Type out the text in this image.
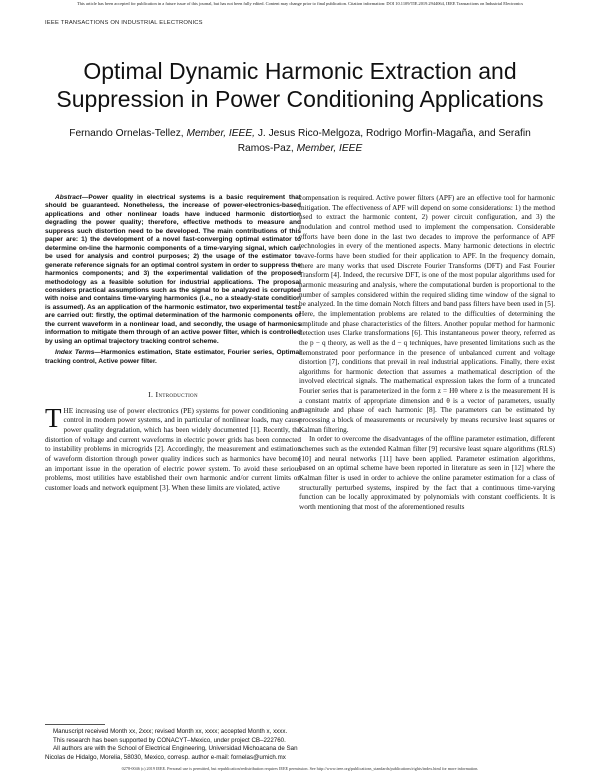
This article has been accepted for publication in a future issue of this journal, but has not been fully edited. Content may change prior to final publication. Citation information: DOI 10.1109/TIE.2019.2944064, IEEE Transactions on Industrial Electronics
IEEE TRANSACTIONS ON INDUSTRIAL ELECTRONICS
Optimal Dynamic Harmonic Extraction and Suppression in Power Conditioning Applications
Fernando Ornelas-Tellez, Member, IEEE, J. Jesus Rico-Melgoza, Rodrigo Morfin-Magaña, and Serafin
Ramos-Paz, Member, IEEE

Abstract—Power quality in electrical systems is a basic requirement that should be guaranteed. Nonetheless, the increase of power-electronics-based applications and other nonlinear loads have induced harmonic distortion degrading the power quality; therefore, effective methods to measure and suppress such distortion need to be developed. The main contributions of this paper are: 1) the development of a novel fast-converging optimal estimator to determine on-line the harmonic components of a time-varying signal, which can be used for analysis and control purposes; 2) the usage of the estimator to generate reference signals for an optimal control system in order to suppress the harmonics components; and 3) the experimental validation of the proposed methodology as a feasible solution for industrial applications. The proposal considers practical assumptions such as the signal to be analyzed is corrupted with noise and contains time-varying harmonics (i.e., no a steady-state condition is assumed). As an application of the harmonic estimator, two experimental tests are carried out: firstly, the optimal determination of the harmonic components of the current waveform in a nonlinear load, and secondly, the usage of harmonics information to mitigate them through of an active power filter, which is controlled by using an optimal trajectory tracking control scheme.

Index Terms—Harmonics estimation, State estimator, Fourier series, Optimal tracking control, Active power filter.

I. Introduction

THE increasing use of power electronics (PE) systems for power conditioning and control in modern power systems, and in particular of nonlinear loads, may cause power quality degradation, which has been widely documented [1]. Recently, the distortion of voltage and current waveforms in electric power grids has been connected to instability problems in microgrids [2]. Accordingly, the measurement and estimation of waveform distortion through power quality indices such as harmonics have become an important issue in the operation of electric power system. To avoid these serious problems, most utilities have established their own harmonic and/or current limits on customer loads and network equipment [3]. When these limits are violated, active

Manuscript received Month xx, 2xxx; revised Month xx, xxxx; accepted Month x, xxxx.

This research has been supported by CONACYT–Mexico, under project CB–222760.

All authors are with the School of Electrical Engineering, Universidad Michoacana de San Nicolas de Hidalgo, Morelia, 58030, Mexico, corresp. author e-mail: fornelas@umich.mx

compensation is required. Active power filters (APF) are an effective tool for harmonic mitigation. The effectiveness of APF will depend on some considerations: 1) the method used to extract the harmonic content, 2) power circuit configuration, and 3) the modulation and control method used to implement the compensation. Considerable efforts have been done in the last two decades to improve the performance of APF technologies in every of the mentioned aspects. Many harmonic detections in electric wave-forms have been studied for their application to APF. In the frequency domain, there are many works that used Discrete Fourier Transforms (DFT) and Fast Fourier Transform [4]. Indeed, the recursive DFT, is one of the most popular algorithms used for harmonic measuring and analysis, where the computational burden is proportional to the number of samples considered within the required sliding time window of the signal to be analyzed. In the time domain Notch filters and band pass filters have been used in [5]. Here, the implementation problems are related to the difficulties of determining the amplitude and phase characteristics of the filters. Another popular method for harmonic detection uses Clarke transformations [6]. This instantaneous power theory, referred as the p − q theory, as well as the d − q techniques, have presented limitations such as the demonstrated poor performance in the presence of unbalanced current and voltage distortion [7], conditions that prevail in real industrial applications. Finally, there exist algorithms for harmonic detection that assumes a mathematical description of the involved electrical signals. The mathematical expression takes the form of a truncated Fourier series that is parameterized in the form z = Hθ where z is the measurement H is a constant matrix of appropriate dimension and θ is a vector of parameters, usually magnitude and phase of each harmonic [8]. The parameters can be estimated by processing a block of measurements or recursively by means recursive least squares or Kalman filtering.

In order to overcome the disadvantages of the offline parameter estimation, different schemes such as the extended Kalman filter [9] recursive least square algorithms (RLS) [10] and neural networks [11] have been applied. Parameter estimation algorithms, based on an optimal scheme have been reported in literature as seen in [12] where the Kalman filter is used in order to achieve the online parameter estimation for a class of structurally perturbed systems, inspired by the fact that a continuous time-varying function can be locally approximated by polynomials with constant coefficients. It is worth mentioning that most of the aforementioned results

0278-0046 (c) 2019 IEEE. Personal use is permitted, but republication/redistribution requires IEEE permission. See http://www.ieee.org/publications_standards/publications/rights/index.html for more information.
